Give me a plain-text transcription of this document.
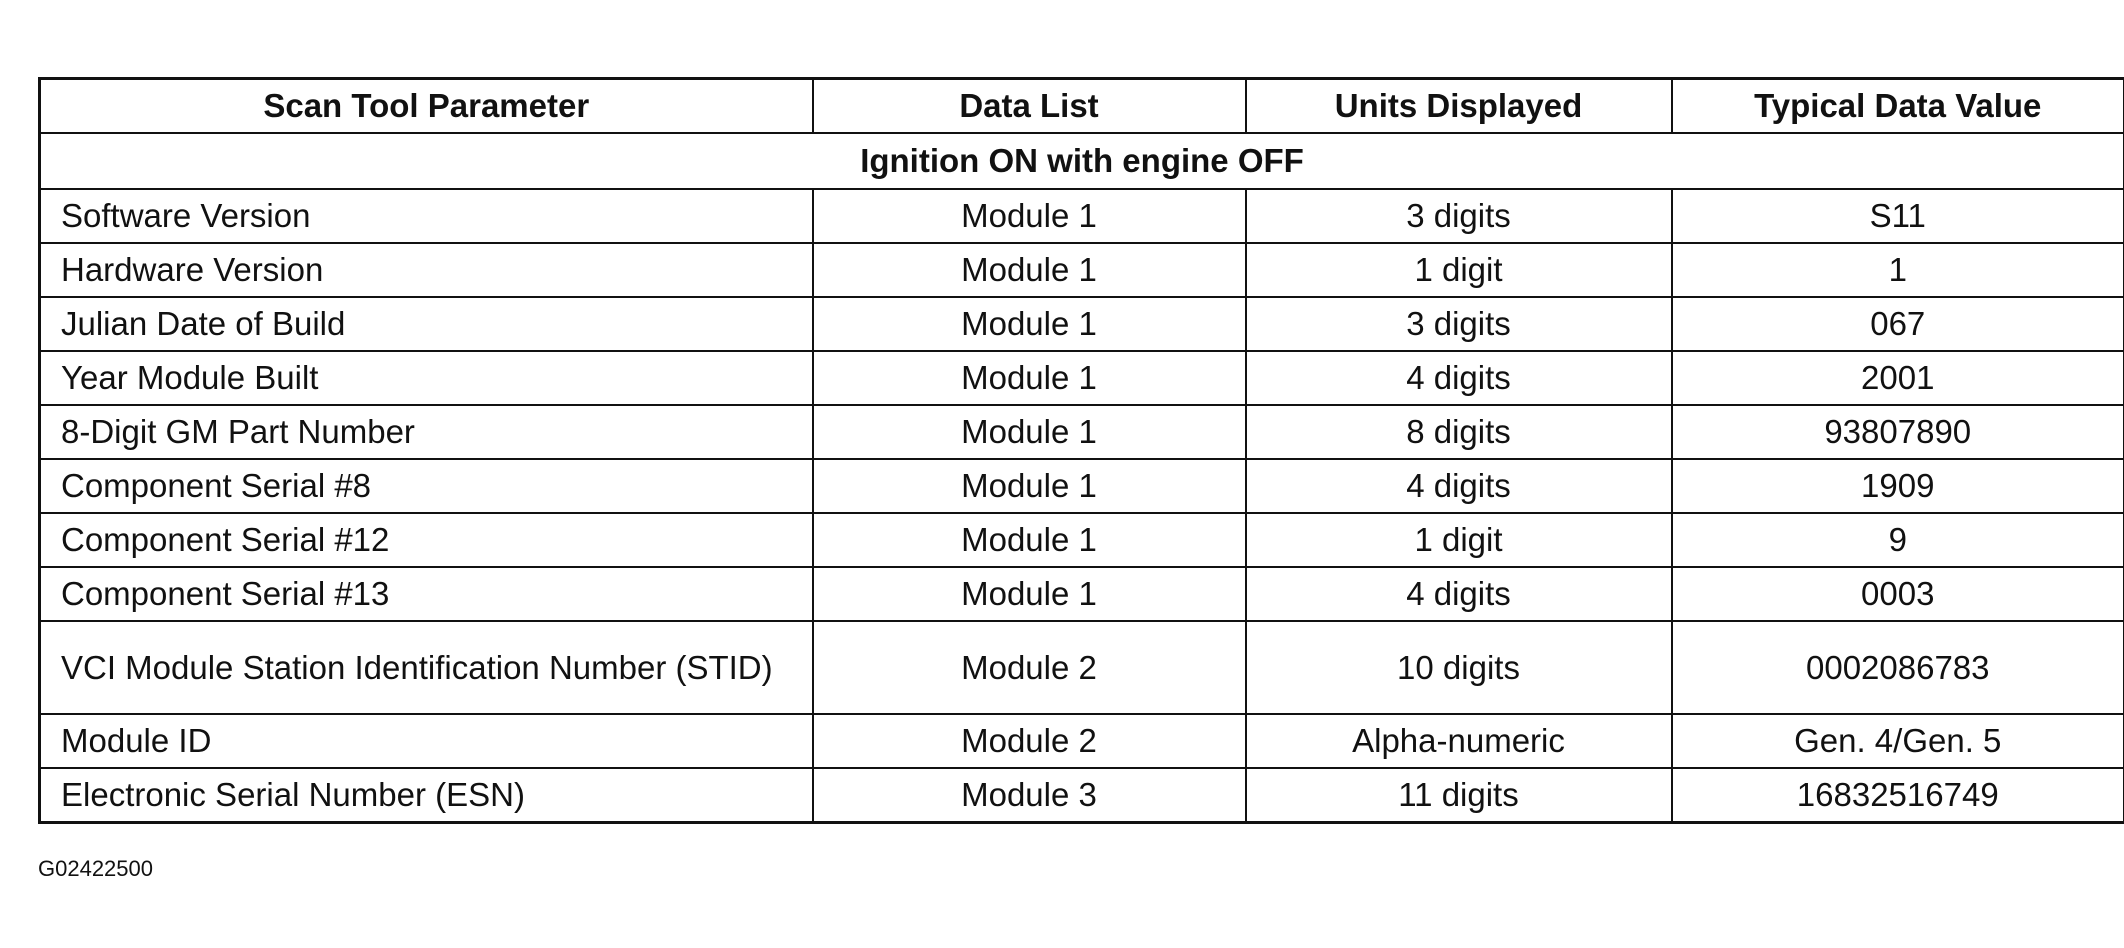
Scan Tool Parameter	Data List	Units Displayed	Typical Data Value
Ignition ON with engine OFF			
Software Version	Module 1	3 digits	S11
Hardware Version	Module 1	1 digit	1
Julian Date of Build	Module 1	3 digits	067
Year Module Built	Module 1	4 digits	2001
8-Digit GM Part Number	Module 1	8 digits	93807890
Component Serial #8	Module 1	4 digits	1909
Component Serial #12	Module 1	1 digit	9
Component Serial #13	Module 1	4 digits	0003
VCI Module Station Identification Number (STID)	Module 2	10 digits	0002086783
Module ID	Module 2	Alpha-numeric	Gen. 4/Gen. 5
Electronic Serial Number (ESN)	Module 3	11 digits	16832516749
G02422500
